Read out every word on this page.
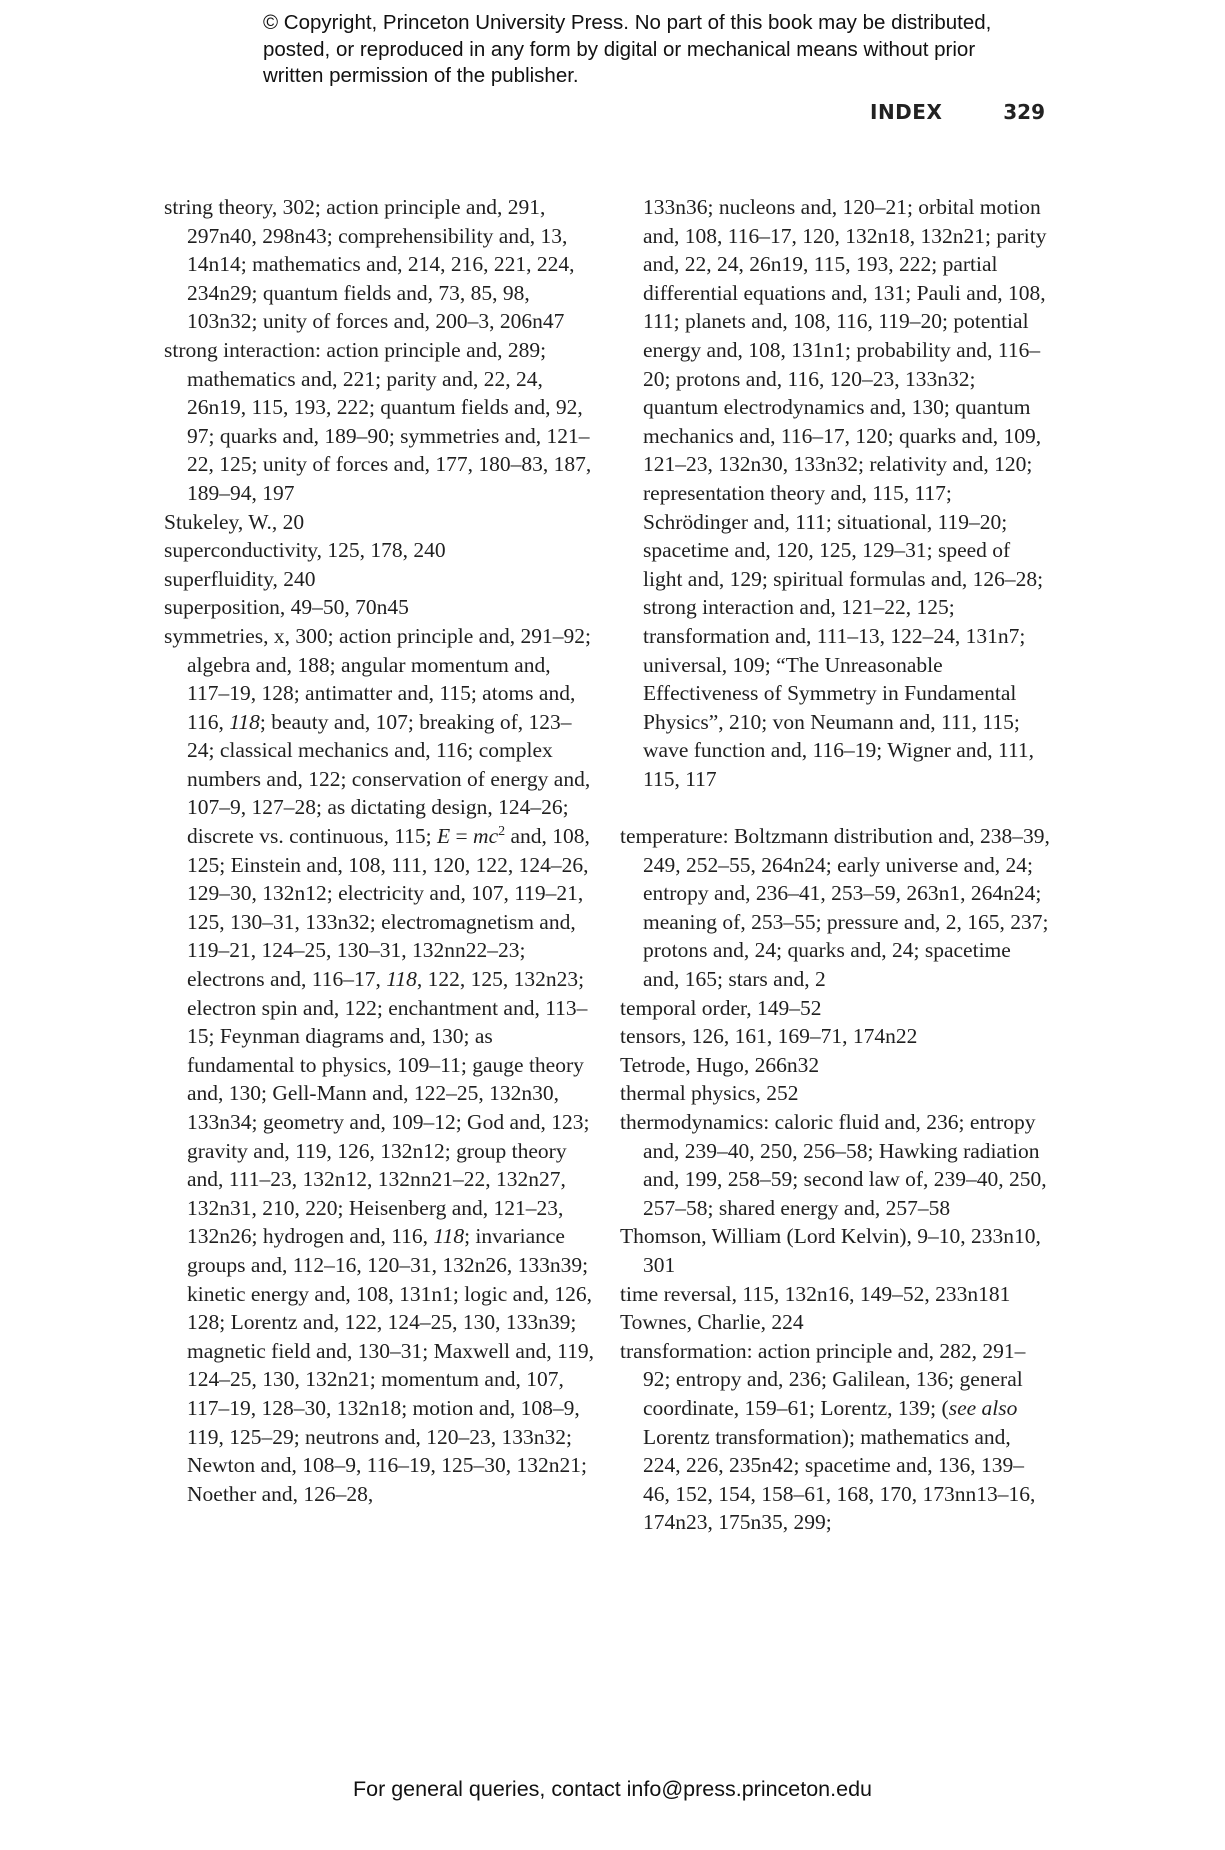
© Copyright, Princeton University Press. No part of this book may be distributed, posted, or reproduced in any form by digital or mechanical means without prior written permission of the publisher.
INDEX	329

string theory, 302; action principle and, 291, 297n40, 298n43; comprehensibility and, 13, 14n14; mathematics and, 214, 216, 221, 224, 234n29; quantum fields and, 73, 85, 98, 103n32; unity of forces and, 200–3, 206n47

strong interaction: action principle and, 289; mathematics and, 221; parity and, 22, 24, 26n19, 115, 193, 222; quantum fields and, 92, 97; quarks and, 189–90; symmetries and, 121–22, 125; unity of forces and, 177, 180–83, 187, 189–94, 197

Stukeley, W., 20

superconductivity, 125, 178, 240

superfluidity, 240

superposition, 49–50, 70n45

symmetries, x, 300; action principle and, 291–92; algebra and, 188; angular momentum and, 117–19, 128; antimatter and, 115; atoms and, 116, 118; beauty and, 107; breaking of, 123–24; classical mechanics and, 116; complex numbers and, 122; conservation of energy and, 107–9, 127–28; as dictating design, 124–26; discrete vs. continuous, 115; $E = mc^2$ and, 108, 125; Einstein and, 108, 111, 120, 122, 124–26, 129–30, 132n12; electricity and, 107, 119–21, 125, 130–31, 133n32; electromagnetism and, 119–21, 124–25, 130–31, 132nn22–23; electrons and, 116–17, 118, 122, 125, 132n23; electron spin and, 122; enchantment and, 113–15; Feynman diagrams and, 130; as fundamental to physics, 109–11; gauge theory and, 130; Gell-Mann and, 122–25, 132n30, 133n34; geometry and, 109–12; God and, 123; gravity and, 119, 126, 132n12; group theory and, 111–23, 132n12, 132nn21–22, 132n27, 132n31, 210, 220; Heisenberg and, 121–23, 132n26; hydrogen and, 116, 118; invariance groups and, 112–16, 120–31, 132n26, 133n39; kinetic energy and, 108, 131n1; logic and, 126, 128; Lorentz and, 122, 124–25, 130, 133n39; magnetic field and, 130–31; Maxwell and, 119, 124–25, 130, 132n21; momentum and, 107, 117–19, 128–30, 132n18; motion and, 108–9, 119, 125–29; neutrons and, 120–23, 133n32; Newton and, 108–9, 116–19, 125–30, 132n21; Noether and, 126–28,

133n36; nucleons and, 120–21; orbital motion and, 108, 116–17, 120, 132n18, 132n21; parity and, 22, 24, 26n19, 115, 193, 222; partial differential equations and, 131; Pauli and, 108, 111; planets and, 108, 116, 119–20; potential energy and, 108, 131n1; probability and, 116–20; protons and, 116, 120–23, 133n32; quantum electrodynamics and, 130; quantum mechanics and, 116–17, 120; quarks and, 109, 121–23, 132n30, 133n32; relativity and, 120; representation theory and, 115, 117; Schrödinger and, 111; situational, 119–20; spacetime and, 120, 125, 129–31; speed of light and, 129; spiritual formulas and, 126–28; strong interaction and, 121–22, 125; transformation and, 111–13, 122–24, 131n7; universal, 109; “The Unreasonable Effectiveness of Symmetry in Fundamental Physics”, 210; von Neumann and, 111, 115; wave function and, 116–19; Wigner and, 111, 115, 117

temperature: Boltzmann distribution and, 238–39, 249, 252–55, 264n24; early universe and, 24; entropy and, 236–41, 253–59, 263n1, 264n24; meaning of, 253–55; pressure and, 2, 165, 237; protons and, 24; quarks and, 24; spacetime and, 165; stars and, 2

temporal order, 149–52

tensors, 126, 161, 169–71, 174n22

Tetrode, Hugo, 266n32

thermal physics, 252

thermodynamics: caloric fluid and, 236; entropy and, 239–40, 250, 256–58; Hawking radiation and, 199, 258–59; second law of, 239–40, 250, 257–58; shared energy and, 257–58

Thomson, William (Lord Kelvin), 9–10, 233n10, 301

time reversal, 115, 132n16, 149–52, 233n181

Townes, Charlie, 224

transformation: action principle and, 282, 291–92; entropy and, 236; Galilean, 136; general coordinate, 159–61; Lorentz, 139; (see also Lorentz transformation); mathematics and, 224, 226, 235n42; spacetime and, 136, 139–46, 152, 154, 158–61, 168, 170, 173nn13–16, 174n23, 175n35, 299;

For general queries, contact info@press.princeton.edu
